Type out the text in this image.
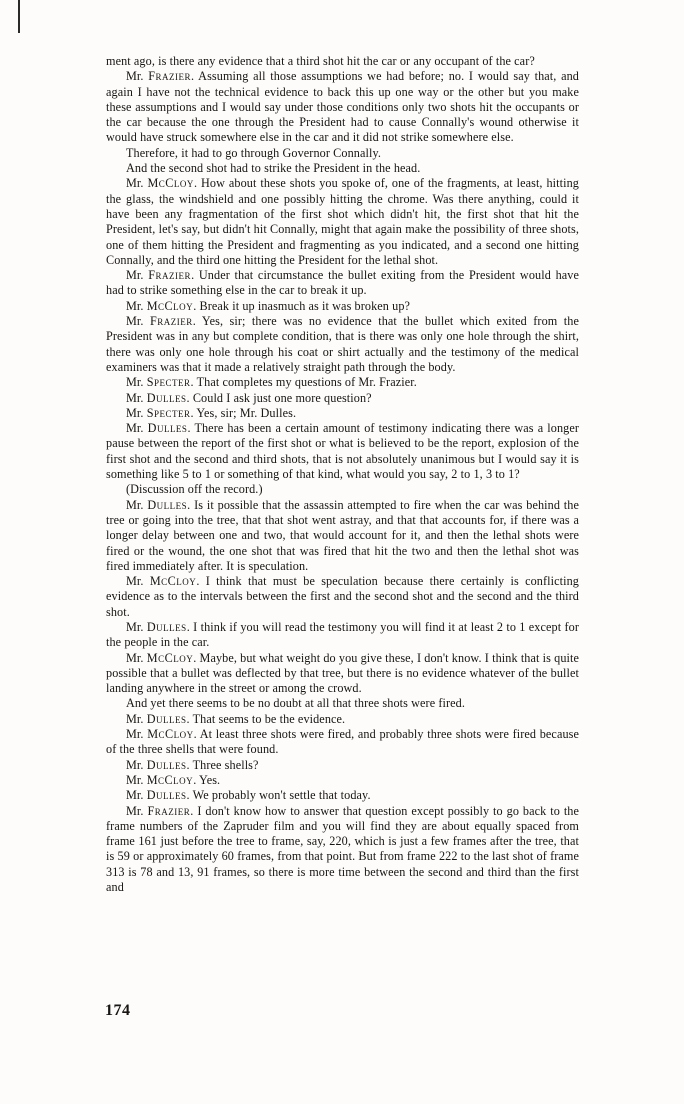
ment ago, is there any evidence that a third shot hit the car or any occupant of the car?

Mr. Frazier. Assuming all those assumptions we had before; no. I would say that, and again I have not the technical evidence to back this up one way or the other but you make these assumptions and I would say under those conditions only two shots hit the occupants or the car because the one through the President had to cause Connally's wound otherwise it would have struck somewhere else in the car and it did not strike somewhere else.

Therefore, it had to go through Governor Connally.

And the second shot had to strike the President in the head.

Mr. McCloy. How about these shots you spoke of, one of the fragments, at least, hitting the glass, the windshield and one possibly hitting the chrome. Was there anything, could it have been any fragmentation of the first shot which didn't hit, the first shot that hit the President, let's say, but didn't hit Connally, might that again make the possibility of three shots, one of them hitting the President and fragmenting as you indicated, and a second one hitting Connally, and the third one hitting the President for the lethal shot.

Mr. Frazier. Under that circumstance the bullet exiting from the President would have had to strike something else in the car to break it up.

Mr. McCloy. Break it up inasmuch as it was broken up?

Mr. Frazier. Yes, sir; there was no evidence that the bullet which exited from the President was in any but complete condition, that is there was only one hole through the shirt, there was only one hole through his coat or shirt actually and the testimony of the medical examiners was that it made a relatively straight path through the body.

Mr. Specter. That completes my questions of Mr. Frazier.

Mr. Dulles. Could I ask just one more question?

Mr. Specter. Yes, sir; Mr. Dulles.

Mr. Dulles. There has been a certain amount of testimony indicating there was a longer pause between the report of the first shot or what is believed to be the report, explosion of the first shot and the second and third shots, that is not absolutely unanimous but I would say it is something like 5 to 1 or something of that kind, what would you say, 2 to 1, 3 to 1?

(Discussion off the record.)

Mr. Dulles. Is it possible that the assassin attempted to fire when the car was behind the tree or going into the tree, that that shot went astray, and that that accounts for, if there was a longer delay between one and two, that would account for it, and then the lethal shots were fired or the wound, the one shot that was fired that hit the two and then the lethal shot was fired immediately after. It is speculation.

Mr. McCloy. I think that must be speculation because there certainly is conflicting evidence as to the intervals between the first and the second shot and the second and the third shot.

Mr. Dulles. I think if you will read the testimony you will find it at least 2 to 1 except for the people in the car.

Mr. McCloy. Maybe, but what weight do you give these, I don't know. I think that is quite possible that a bullet was deflected by that tree, but there is no evidence whatever of the bullet landing anywhere in the street or among the crowd.

And yet there seems to be no doubt at all that three shots were fired.

Mr. Dulles. That seems to be the evidence.

Mr. McCloy. At least three shots were fired, and probably three shots were fired because of the three shells that were found.

Mr. Dulles. Three shells?

Mr. McCloy. Yes.

Mr. Dulles. We probably won't settle that today.

Mr. Frazier. I don't know how to answer that question except possibly to go back to the frame numbers of the Zapruder film and you will find they are about equally spaced from frame 161 just before the tree to frame, say, 220, which is just a few frames after the tree, that is 59 or approximately 60 frames, from that point. But from frame 222 to the last shot of frame 313 is 78 and 13, 91 frames, so there is more time between the second and third than the first and

174
